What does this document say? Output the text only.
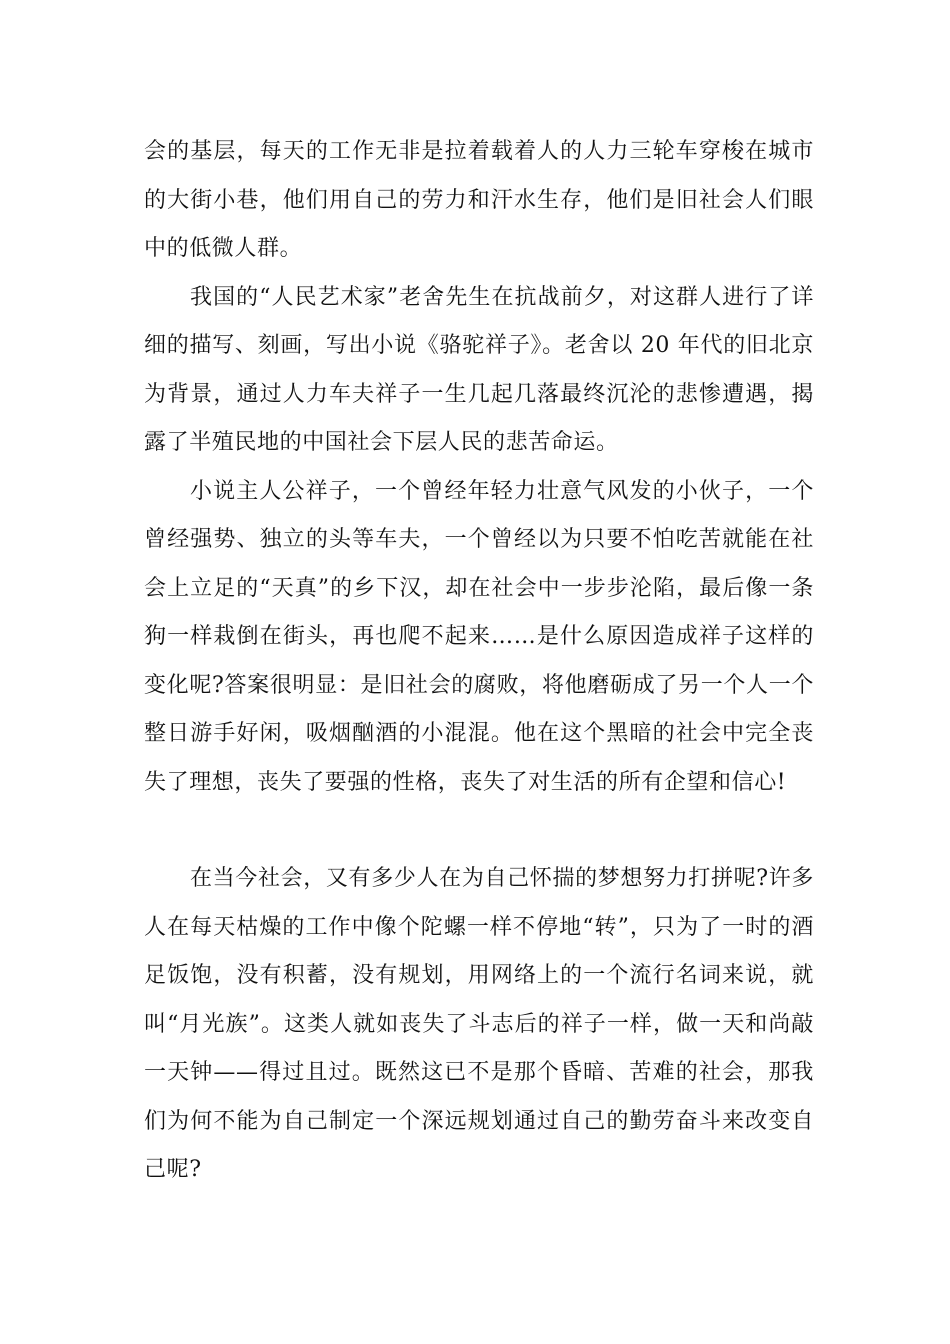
会的基层，每天的工作无非是拉着载着人的人力三轮车穿梭在城市的大街小巷，他们用自己的劳力和汗水生存，他们是旧社会人们眼中的低微人群。

我国的“人民艺术家”老舍先生在抗战前夕，对这群人进行了详细的描写、刻画，写出小说《骆驼祥子》。老舍以 20 年代的旧北京为背景，通过人力车夫祥子一生几起几落最终沉沦的悲惨遭遇，揭露了半殖民地的中国社会下层人民的悲苦命运。

小说主人公祥子，一个曾经年轻力壮意气风发的小伙子，一个曾经强势、独立的头等车夫，一个曾经以为只要不怕吃苦就能在社会上立足的“天真”的乡下汉，却在社会中一步步沦陷，最后像一条狗一样栽倒在街头，再也爬不起来……是什么原因造成祥子这样的变化呢?答案很明显：是旧社会的腐败，将他磨砺成了另一个人一个整日游手好闲，吸烟酗酒的小混混。他在这个黑暗的社会中完全丧失了理想，丧失了要强的性格，丧失了对生活的所有企望和信心!

在当今社会，又有多少人在为自己怀揣的梦想努力打拼呢?许多人在每天枯燥的工作中像个陀螺一样不停地“转”，只为了一时的酒足饭饱，没有积蓄，没有规划，用网络上的一个流行名词来说，就叫“月光族”。这类人就如丧失了斗志后的祥子一样，做一天和尚敲一天钟——得过且过。既然这已不是那个昏暗、苦难的社会，那我们为何不能为自己制定一个深远规划通过自己的勤劳奋斗来改变自己呢?
